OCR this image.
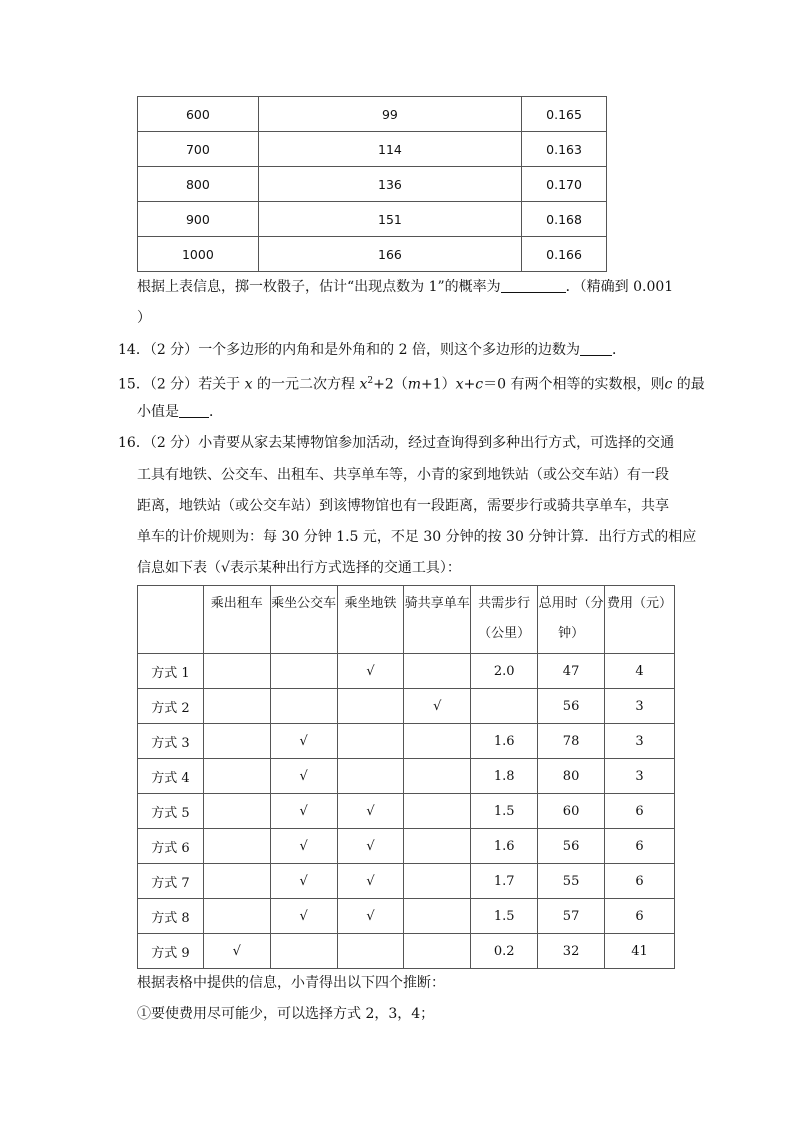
600	99	0.165
700	114	0.163
800	136	0.170
900	151	0.168
1000	166	0.166
根据上表信息，掷一枚骰子，估计“出现点数为 1”的概率为	．（精确到 0.001
）
14．（2 分）一个多边形的内角和是外角和的 2 倍，则这个多边形的边数为 ．
15．（2 分）若关于 x 的一元二次方程 $x^2+2(m+1)x+c=0$ 有两个相等的实数根，则c 的最
小值是 ．
16．（2 分）小青要从家去某博物馆参加活动，经过查询得到多种出行方式，可选择的交通
工具有地铁、公交车、出租车、共享单车等，小青的家到地铁站（或公交车站）有一段
距离，地铁站（或公交车站）到该博物馆也有一段距离，需要步行或骑共享单车，共享
单车的计价规则为：每 30 分钟 1.5 元，不足 30 分钟的按 30 分钟计算．出行方式的相应
信息如下表（√表示某种出行方式选择的交通工具）：
	乘出租车	乘坐公交车	乘坐地铁	骑共享单车	共需步行（公里）	总用时（分钟）	费用（元）
方式 1			√		2.0	47	4
方式 2				√		56	3
方式 3		√			1.6	78	3
方式 4		√			1.8	80	3
方式 5		√	√		1.5	60	6
方式 6		√	√		1.6	56	6
方式 7		√	√		1.7	55	6
方式 8		√	√		1.5	57	6
方式 9	√				0.2	32	41
根据表格中提供的信息，小青得出以下四个推断：
①要使费用尽可能少，可以选择方式 2，3，4；
